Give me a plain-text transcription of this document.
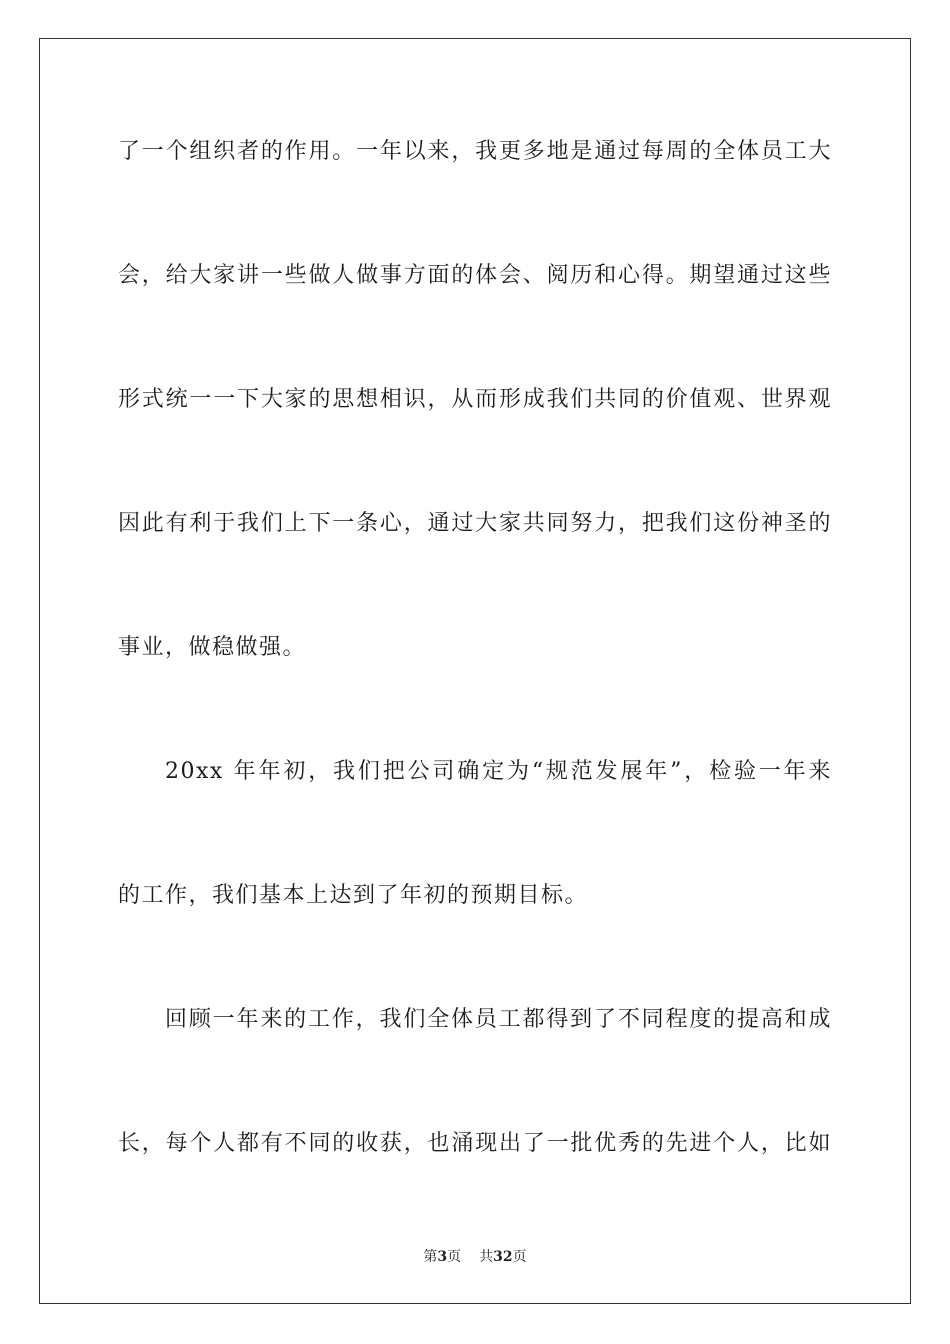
了一个组织者的作用。一年以来，我更多地是通过每周的全体员工大
会，给大家讲一些做人做事方面的体会、阅历和心得。期望通过这些
形式统一一下大家的思想相识，从而形成我们共同的价值观、世界观
因此有利于我们上下一条心，通过大家共同努力，把我们这份神圣的
事业，做稳做强。
20xx 年年初，我们把公司确定为“规范发展年”，检验一年来
的工作，我们基本上达到了年初的预期目标。
回顾一年来的工作，我们全体员工都得到了不同程度的提高和成
长，每个人都有不同的收获，也涌现出了一批优秀的先进个人，比如
第3页 共32页
